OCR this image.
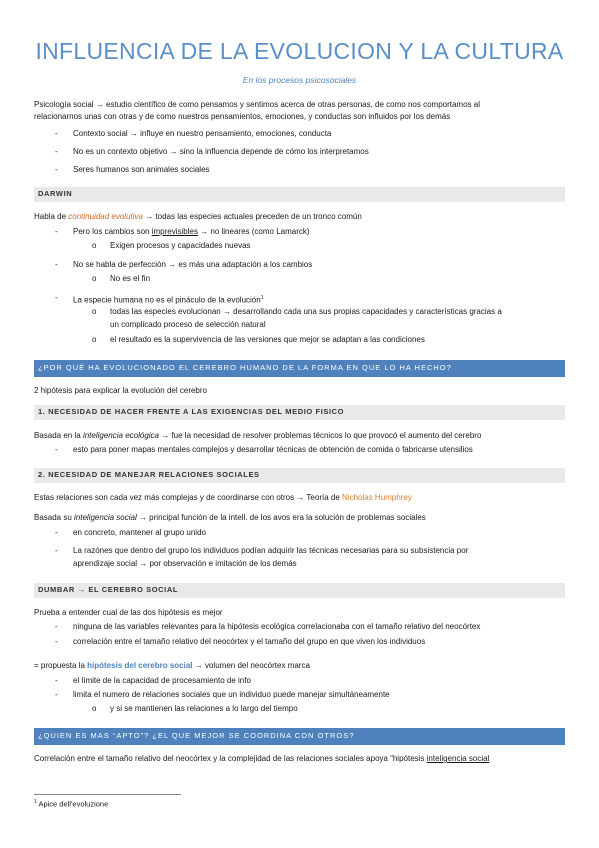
INFLUENCIA DE LA EVOLUCION Y LA CULTURA
En los procesos psicosociales
Psicología social → estudio científico de como pensamos y sentimos acerca de otras personas, de como nos comportamos al
relacionarnos unas con otras y de como nuestros pensamientos, emociones, y conductas son influidos por los demás
- Contexto social → influye en nuestro pensamiento, emociones, conducta
- No es un contexto objetivo → sino la influencia depende de cómo los interpretamos
- Seres humanos son animales sociales
DARWIN
Habla de continuidad evolutiva → todas las especies actuales preceden de un tronco común
- Pero los cambios son imprevisibles → no lineares (como Lamarck)
o Exigen procesos y capacidades nuevas
- No se habla de perfección → es más una adaptación a los cambios
o No es el fin
- La especie humana no es el pináculo de la evolución$^1$
o todas las especies evolucionan → desarrollando cada una sus propias capacidades y características gracias a
un complicado proceso de selección natural
o el resultado es la supervivencia de las versiones que mejor se adaptan a las condiciones
¿POR QUÉ HA EVOLUCIONADO EL CEREBRO HUMANO DE LA FORMA EN QUE LO HA HECHO?
2 hipótesis para explicar la evolución del cerebro
1. NECESIDAD DE HACER FRENTE A LAS EXIGENCIAS DEL MEDIO FISICO
Basada en la inteligencia ecológica → fue la necesidad de resolver problemas técnicos lo que provocó el aumento del cerebro
- esto para poner mapas mentales complejos y desarrollar técnicas de obtención de comida o fabricarse utensilios
2. NECESIDAD DE MANEJAR RELACIONES SOCIALES
Estas relaciones son cada vez más complejas y de coordinarse con otros → Teoría de Nicholas Humphrey
Basada su inteligencia social → principal función de la intell. de los avos era la solución de problemas sociales
- en concreto, mantener al grupo unido
- La razónes que dentro del grupo los individuos podían adquirir las técnicas necesarias para su subsistencia por
aprendizaje social → por observación e imitación de los demás
DUMBAR → EL CEREBRO SOCIAL
Prueba a entender cual de las dos hipótesis es mejor
- ninguna de las variables relevantes para la hipótesis ecológica correlacionaba con el tamaño relativo del neocórtex
- correlación entre el tamaño relativo del neocórtex y el tamaño del grupo en que viven los individuos
= propuesta la hipótesis del cerebro social → volumen del neocórtex marca
- el límite de la capacidad de procesamiento de info
- limita el numero de relaciones sociales que un individuo puede manejar simultáneamente
o y si se mantienen las relaciones a lo largo del tiempo
¿QUIEN ES MAS “APTO”? ¿EL QUE MEJOR SE COORDINA CON OTROS?
Correlación entre el tamaño relativo del neocórtex y la complejidad de las relaciones sociales apoya “hipótesis inteligencia social
$^1$ Apice dell'evoluzione
